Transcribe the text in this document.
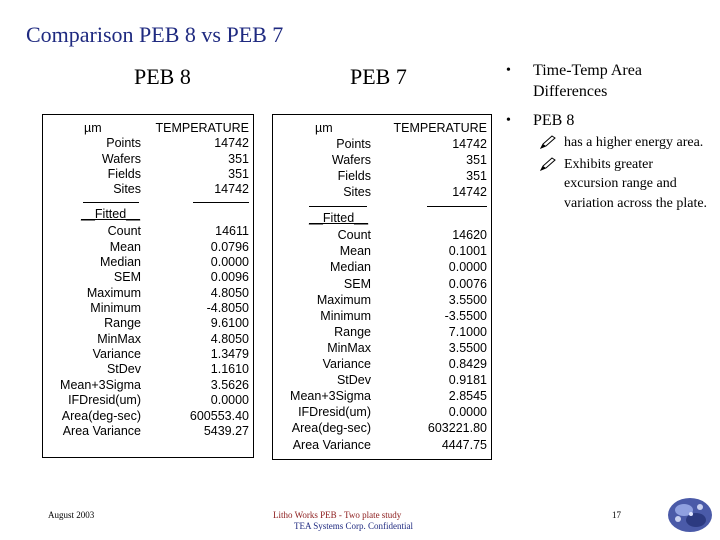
Comparison PEB 8 vs PEB 7
PEB 8	PEB 7
µm	TEMPERATURE
Points	14742
Wafers	351
Fields	351
Sites	14742
__Fitted__
Count	14611
Mean	0.0796
Median	0.0000
SEM	0.0096
Maximum	4.8050
Minimum	-4.8050
Range	9.6100
MinMax	4.8050
Variance	1.3479
StDev	1.1610
Mean+3Sigma	3.5626
IFDresid(um)	0.0000
Area(deg-sec)	600553.40
Area Variance	5439.27
µm	TEMPERATURE
Points	14742
Wafers	351
Fields	351
Sites	14742
__Fitted__
Count	14620
Mean	0.1001
Median	0.0000
SEM	0.0076
Maximum	3.5500
Minimum	-3.5500
Range	7.1000
MinMax	3.5500
Variance	0.8429
StDev	0.9181
Mean+3Sigma	2.8545
IFDresid(um)	0.0000
Area(deg-sec)	603221.80
Area Variance	4447.75
• Time-Temp Area Differences
• PEB 8
has a higher energy area.
Exhibits greater excursion range and variation across the plate.
August 2003	Litho Works PEB - Two plate study
TEA Systems Corp. Confidential
17
